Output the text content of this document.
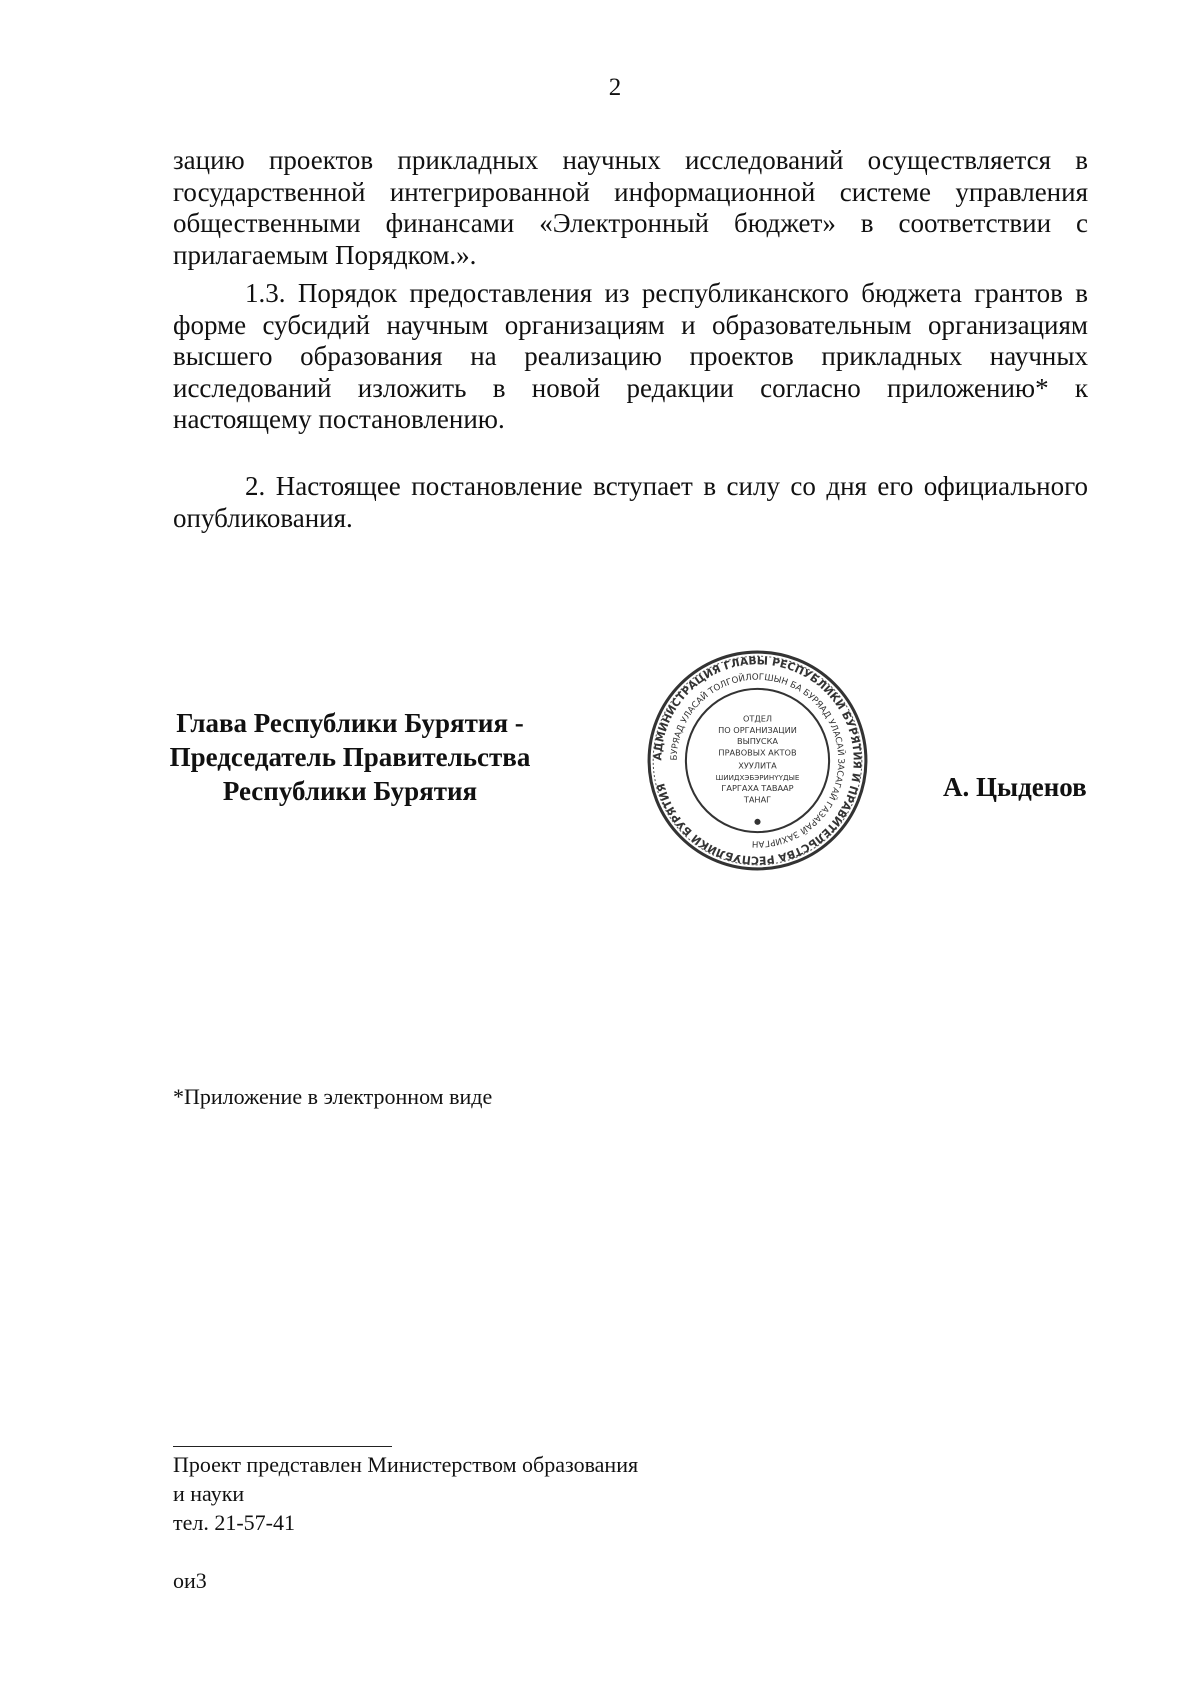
2

зацию проектов прикладных научных исследований осуществляется в государственной интегрированной информационной системе управления общественными финансами «Электронный бюджет» в соответствии с прилагаемым Порядком.».

1.3. Порядок предоставления из республиканского бюджета грантов в форме субсидий научным организациям и образовательным организациям высшего образования на реализацию проектов прикладных научных исследований изложить в новой редакции согласно приложению* к настоящему постановлению.

2. Настоящее постановление вступает в силу со дня его официального опубликования.

Глава Республики Бурятия -
Председатель Правительства
Республики Бурятия
АДМИНИСТРАЦИЯ ГЛАВЫ РЕСПУБЛИКИ БУРЯТИЯ И ПРАВИТЕЛЬСТВА РЕСПУБЛИКИ БУРЯТИЯ
БУРЯАД УЛАСАЙ ТОЛГОЙЛОГШЫН БА БУРЯАД УЛАСАЙ ЗАСАГАЙ ГАЗАРАЙ ЗАХИРГАН
ОТДЕЛ
ПО ОРГАНИЗАЦИИ
ВЫПУСКА
ПРАВОВЫХ АКТОВ
ХУУЛИТА
ШИИДХЭБЭРИНҮҮДЫЕ
ГАРГАХА ТАВААР
ТАНАГ	А. Цыденов
*Приложение в электронном виде
Проект представлен Министерством образования
и науки
тел. 21-57-41
ои3
